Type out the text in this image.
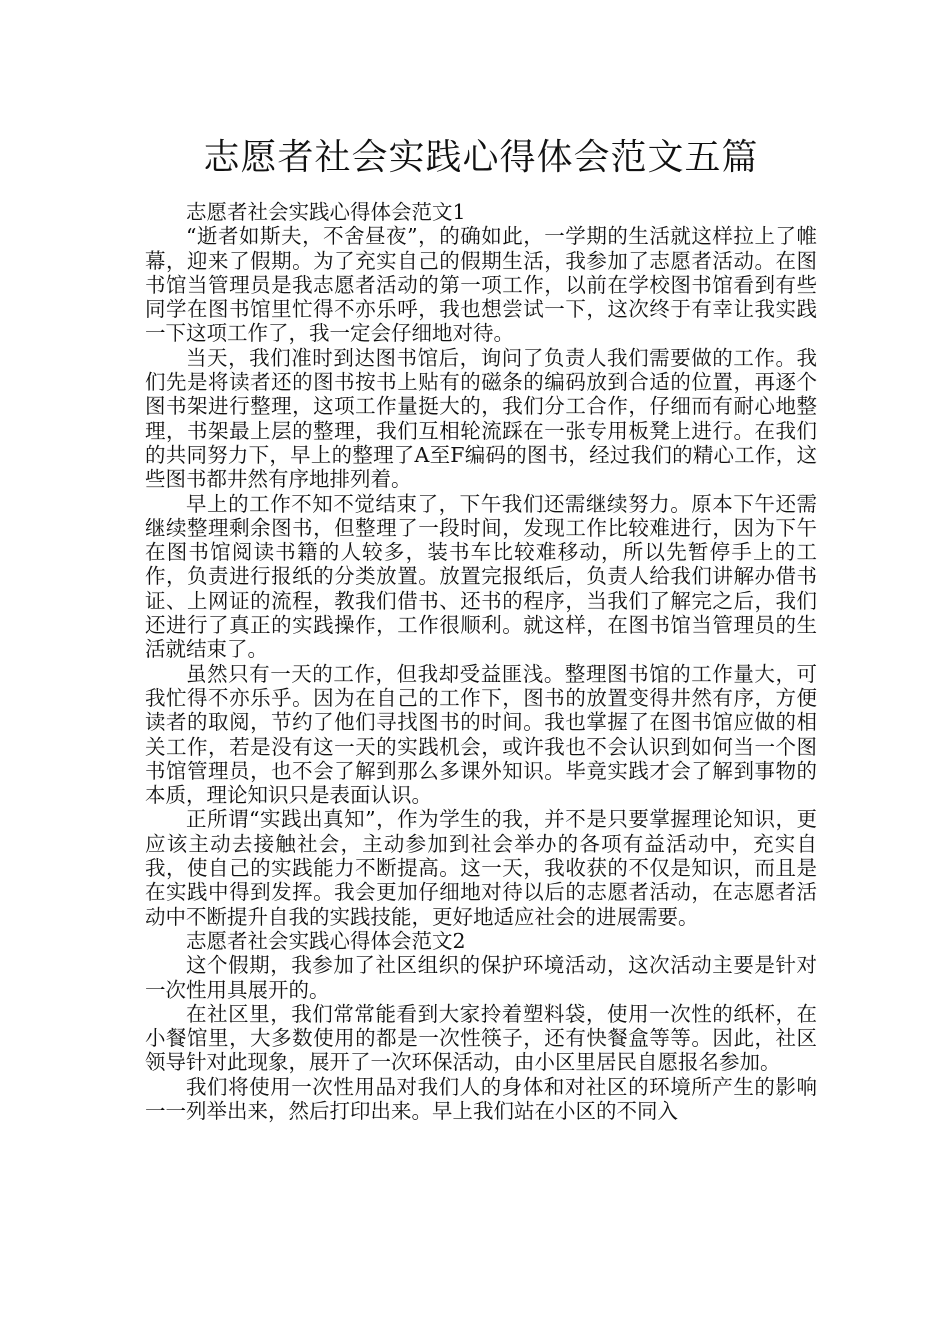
志愿者社会实践心得体会范文五篇

志愿者社会实践心得体会范文1

“逝者如斯夫，不舍昼夜”，的确如此，一学期的生活就这样拉上了帷幕，迎来了假期。为了充实自己的假期生活，我参加了志愿者活动。在图书馆当管理员是我志愿者活动的第一项工作，以前在学校图书馆看到有些同学在图书馆里忙得不亦乐呼，我也想尝试一下，这次终于有幸让我实践一下这项工作了，我一定会仔细地对待。

当天，我们准时到达图书馆后，询问了负责人我们需要做的工作。我们先是将读者还的图书按书上贴有的磁条的编码放到合适的位置，再逐个图书架进行整理，这项工作量挺大的，我们分工合作，仔细而有耐心地整理，书架最上层的整理，我们互相轮流踩在一张专用板凳上进行。在我们的共同努力下，早上的整理了A至F编码的图书，经过我们的精心工作，这些图书都井然有序地排列着。

早上的工作不知不觉结束了，下午我们还需继续努力。原本下午还需继续整理剩余图书，但整理了一段时间，发现工作比较难进行，因为下午在图书馆阅读书籍的人较多，装书车比较难移动，所以先暂停手上的工作，负责进行报纸的分类放置。放置完报纸后，负责人给我们讲解办借书证、上网证的流程，教我们借书、还书的程序，当我们了解完之后，我们还进行了真正的实践操作，工作很顺利。就这样，在图书馆当管理员的生活就结束了。

虽然只有一天的工作，但我却受益匪浅。整理图书馆的工作量大，可我忙得不亦乐乎。因为在自己的工作下，图书的放置变得井然有序，方便读者的取阅，节约了他们寻找图书的时间。我也掌握了在图书馆应做的相关工作，若是没有这一天的实践机会，或许我也不会认识到如何当一个图书馆管理员，也不会了解到那么多课外知识。毕竟实践才会了解到事物的本质，理论知识只是表面认识。

正所谓“实践出真知”，作为学生的我，并不是只要掌握理论知识，更应该主动去接触社会，主动参加到社会举办的各项有益活动中，充实自我，使自己的实践能力不断提高。这一天，我收获的不仅是知识，而且是在实践中得到发挥。我会更加仔细地对待以后的志愿者活动，在志愿者活动中不断提升自我的实践技能，更好地适应社会的进展需要。

志愿者社会实践心得体会范文2

这个假期，我参加了社区组织的保护环境活动，这次活动主要是针对一次性用具展开的。

在社区里，我们常常能看到大家拎着塑料袋，使用一次性的纸杯，在小餐馆里，大多数使用的都是一次性筷子，还有快餐盒等等。因此，社区领导针对此现象，展开了一次环保活动，由小区里居民自愿报名参加。

我们将使用一次性用品对我们人的身体和对社区的环境所产生的影响一一列举出来，然后打印出来。早上我们站在小区的不同入
